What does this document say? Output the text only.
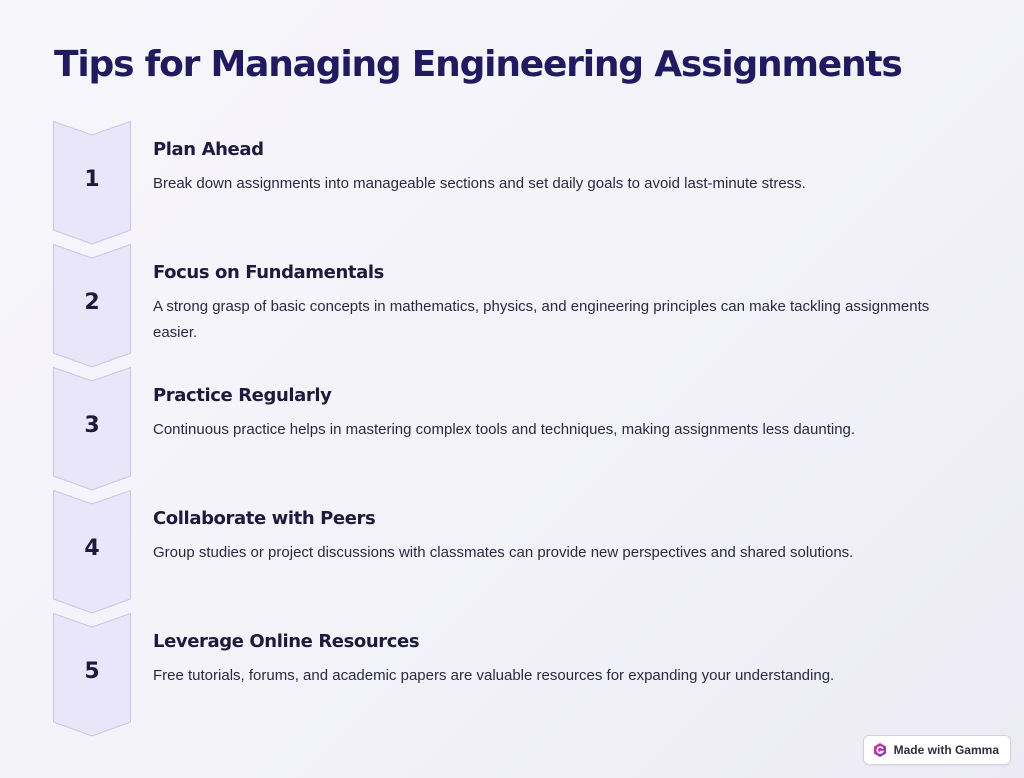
Tips for Managing Engineering Assignments
1
Plan Ahead

Break down assignments into manageable sections and set daily goals to avoid last-minute stress.

2
Focus on Fundamentals

A strong grasp of basic concepts in mathematics, physics, and engineering principles can make tackling assignments easier.

3
Practice Regularly

Continuous practice helps in mastering complex tools and techniques, making assignments less daunting.

4
Collaborate with Peers

Group studies or project discussions with classmates can provide new perspectives and shared solutions.

5
Leverage Online Resources

Free tutorials, forums, and academic papers are valuable resources for expanding your understanding.

Made with Gamma
